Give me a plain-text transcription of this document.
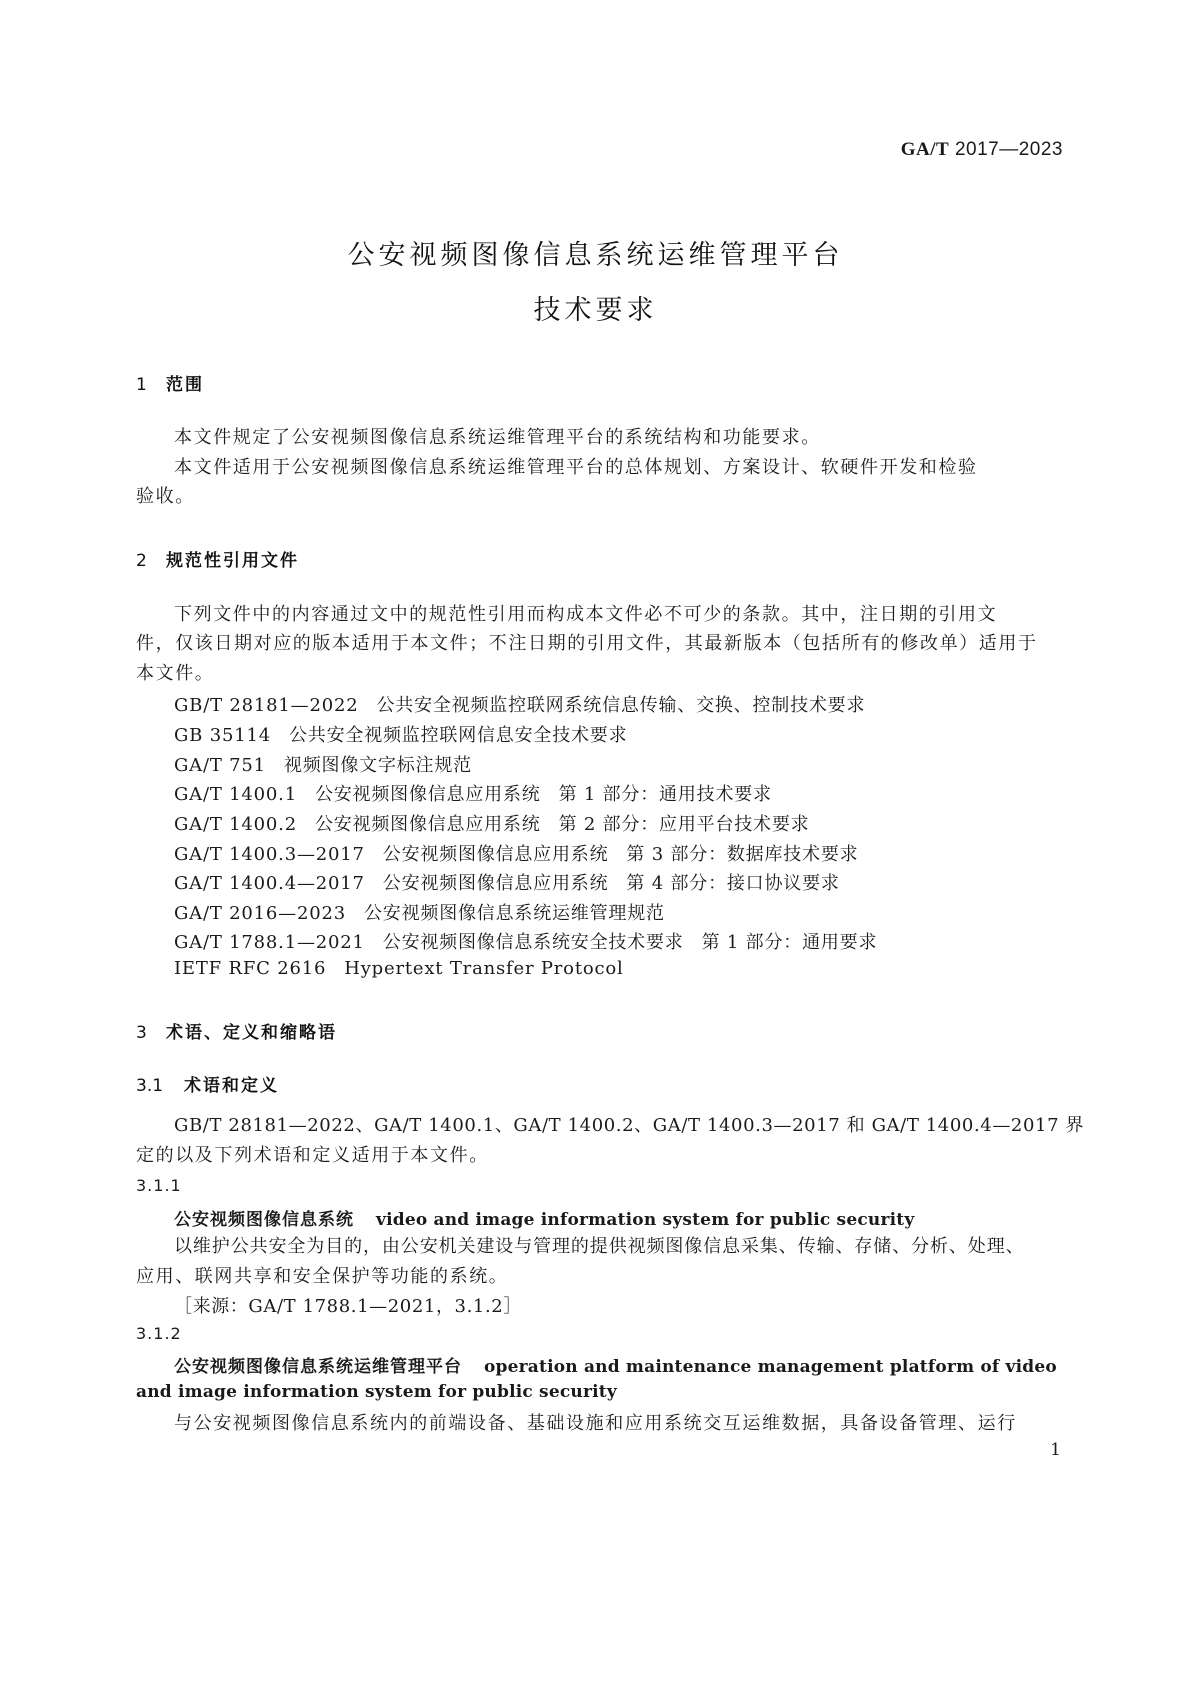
GA/T 2017—2023
公安视频图像信息系统运维管理平台
技术要求
1 范围
本文件规定了公安视频图像信息系统运维管理平台的系统结构和功能要求。
本文件适用于公安视频图像信息系统运维管理平台的总体规划、方案设计、软硬件开发和检验
验收。
2 规范性引用文件
下列文件中的内容通过文中的规范性引用而构成本文件必不可少的条款。其中，注日期的引用文
件，仅该日期对应的版本适用于本文件；不注日期的引用文件，其最新版本（包括所有的修改单）适用于
本文件。
GB/T 28181—2022 公共安全视频监控联网系统信息传输、交换、控制技术要求
GB 35114 公共安全视频监控联网信息安全技术要求
GA/T 751 视频图像文字标注规范
GA/T 1400.1 公安视频图像信息应用系统 第 1 部分：通用技术要求
GA/T 1400.2 公安视频图像信息应用系统 第 2 部分：应用平台技术要求
GA/T 1400.3—2017 公安视频图像信息应用系统 第 3 部分：数据库技术要求
GA/T 1400.4—2017 公安视频图像信息应用系统 第 4 部分：接口协议要求
GA/T 2016—2023 公安视频图像信息系统运维管理规范
GA/T 1788.1—2021 公安视频图像信息系统安全技术要求 第 1 部分：通用要求
IETF RFC 2616 Hypertext Transfer Protocol
3 术语、定义和缩略语
3.1 术语和定义
GB/T 28181—2022、GA/T 1400.1、GA/T 1400.2、GA/T 1400.3—2017 和 GA/T 1400.4—2017 界
定的以及下列术语和定义适用于本文件。
3.1.1
公安视频图像信息系统 video and image information system for public security
以维护公共安全为目的，由公安机关建设与管理的提供视频图像信息采集、传输、存储、分析、处理、
应用、联网共享和安全保护等功能的系统。
［来源：GA/T 1788.1—2021，3.1.2］
3.1.2
公安视频图像信息系统运维管理平台 operation and maintenance management platform of video
and image information system for public security
与公安视频图像信息系统内的前端设备、基础设施和应用系统交互运维数据，具备设备管理、运行
1
